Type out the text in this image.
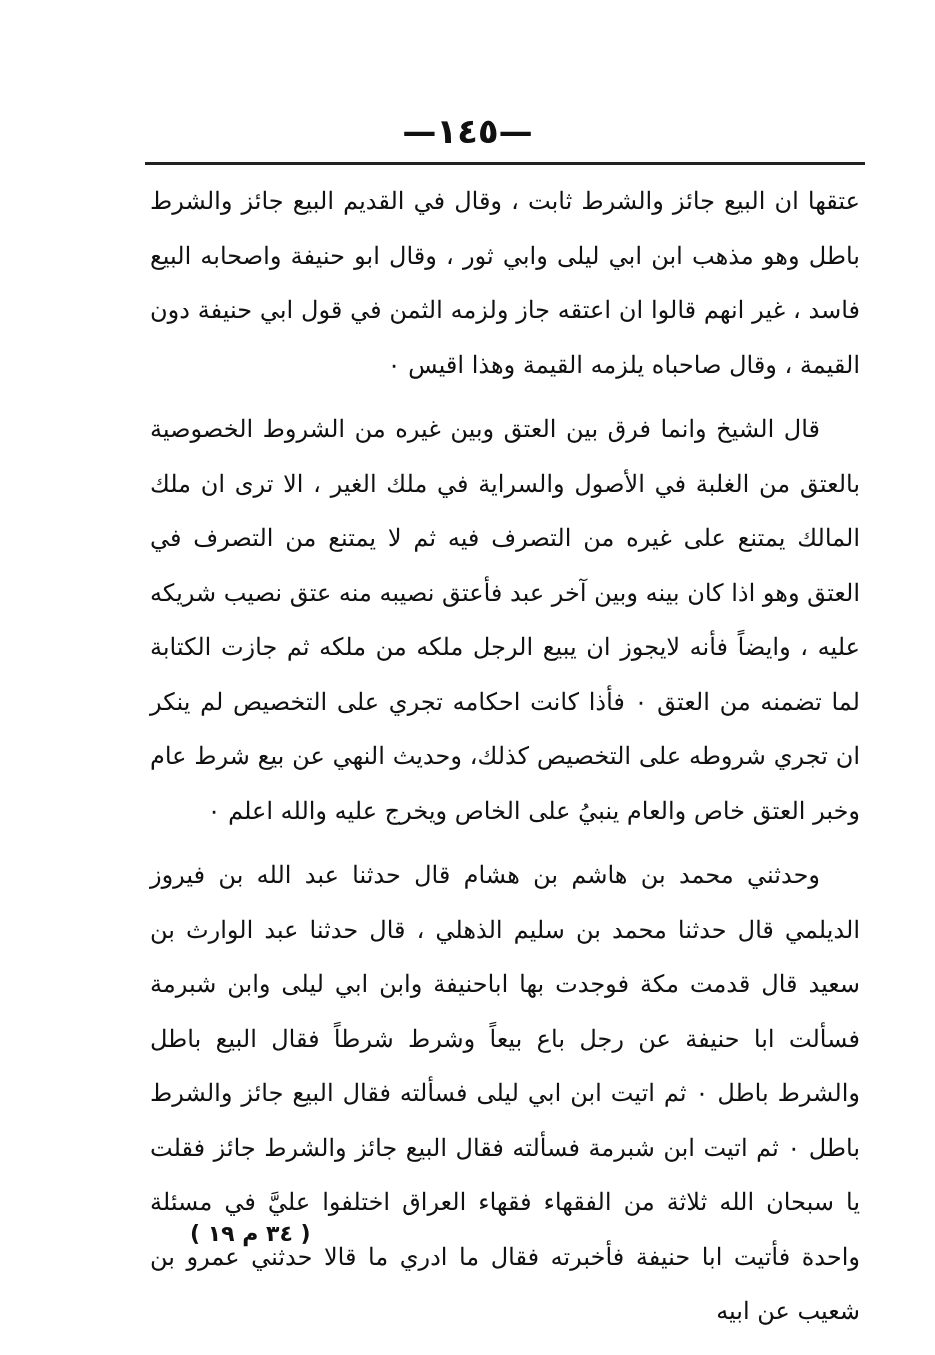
—١٤٥—

عتقها ان البيع جائز والشرط ثابت ، وقال في القديم البيع جائز والشرط باطل وهو مذهب ابن ابي ليلى وابي ثور ، وقال ابو حنيفة واصحابه البيع فاسد ، غير انهم قالوا ان اعتقه جاز ولزمه الثمن في قول ابي حنيفة دون القيمة ، وقال صاحباه يلزمه القيمة وهذا اقيس ٠

قال الشيخ وانما فرق بين العتق وبين غيره من الشروط الخصوصية بالعتق من الغلبة في الأصول والسراية في ملك الغير ، الا ترى ان ملك المالك يمتنع على غيره من التصرف فيه ثم لا يمتنع من التصرف في العتق وهو اذا كان بينه وبين آخر عبد فأعتق نصيبه منه عتق نصيب شريكه عليه ، وايضاً فأنه لايجوز ان يبيع الرجل ملكه من ملكه ثم جازت الكتابة لما تضمنه من العتق ٠ فأذا كانت احكامه تجري على التخصيص لم ينكر ان تجري شروطه على التخصيص كذلك، وحديث النهي عن بيع شرط عام وخبر العتق خاص والعام ينبيُ على الخاص ويخرج عليه والله اعلم ٠

وحدثني محمد بن هاشم بن هشام قال حدثنا عبد الله بن فيروز الديلمي قال حدثنا محمد بن سليم الذهلي ، قال حدثنا عبد الوارث بن سعيد قال قدمت مكة فوجدت بها اباحنيفة وابن ابي ليلى وابن شبرمة فسألت ابا حنيفة عن رجل باع بيعاً وشرط شرطاً فقال البيع باطل والشرط باطل ٠ ثم اتيت ابن ابي ليلى فسألته فقال البيع جائز والشرط باطل ٠ ثم اتيت ابن شبرمة فسألته فقال البيع جائز والشرط جائز فقلت يا سبحان الله ثلاثة من الفقهاء فقهاء العراق اختلفوا عليَّ في مسئلة واحدة فأتيت ابا حنيفة فأخبرته فقال ما ادري ما قالا حدثني عمرو بن شعيب عن ابيه

( ٣٤ م ١٩ )
